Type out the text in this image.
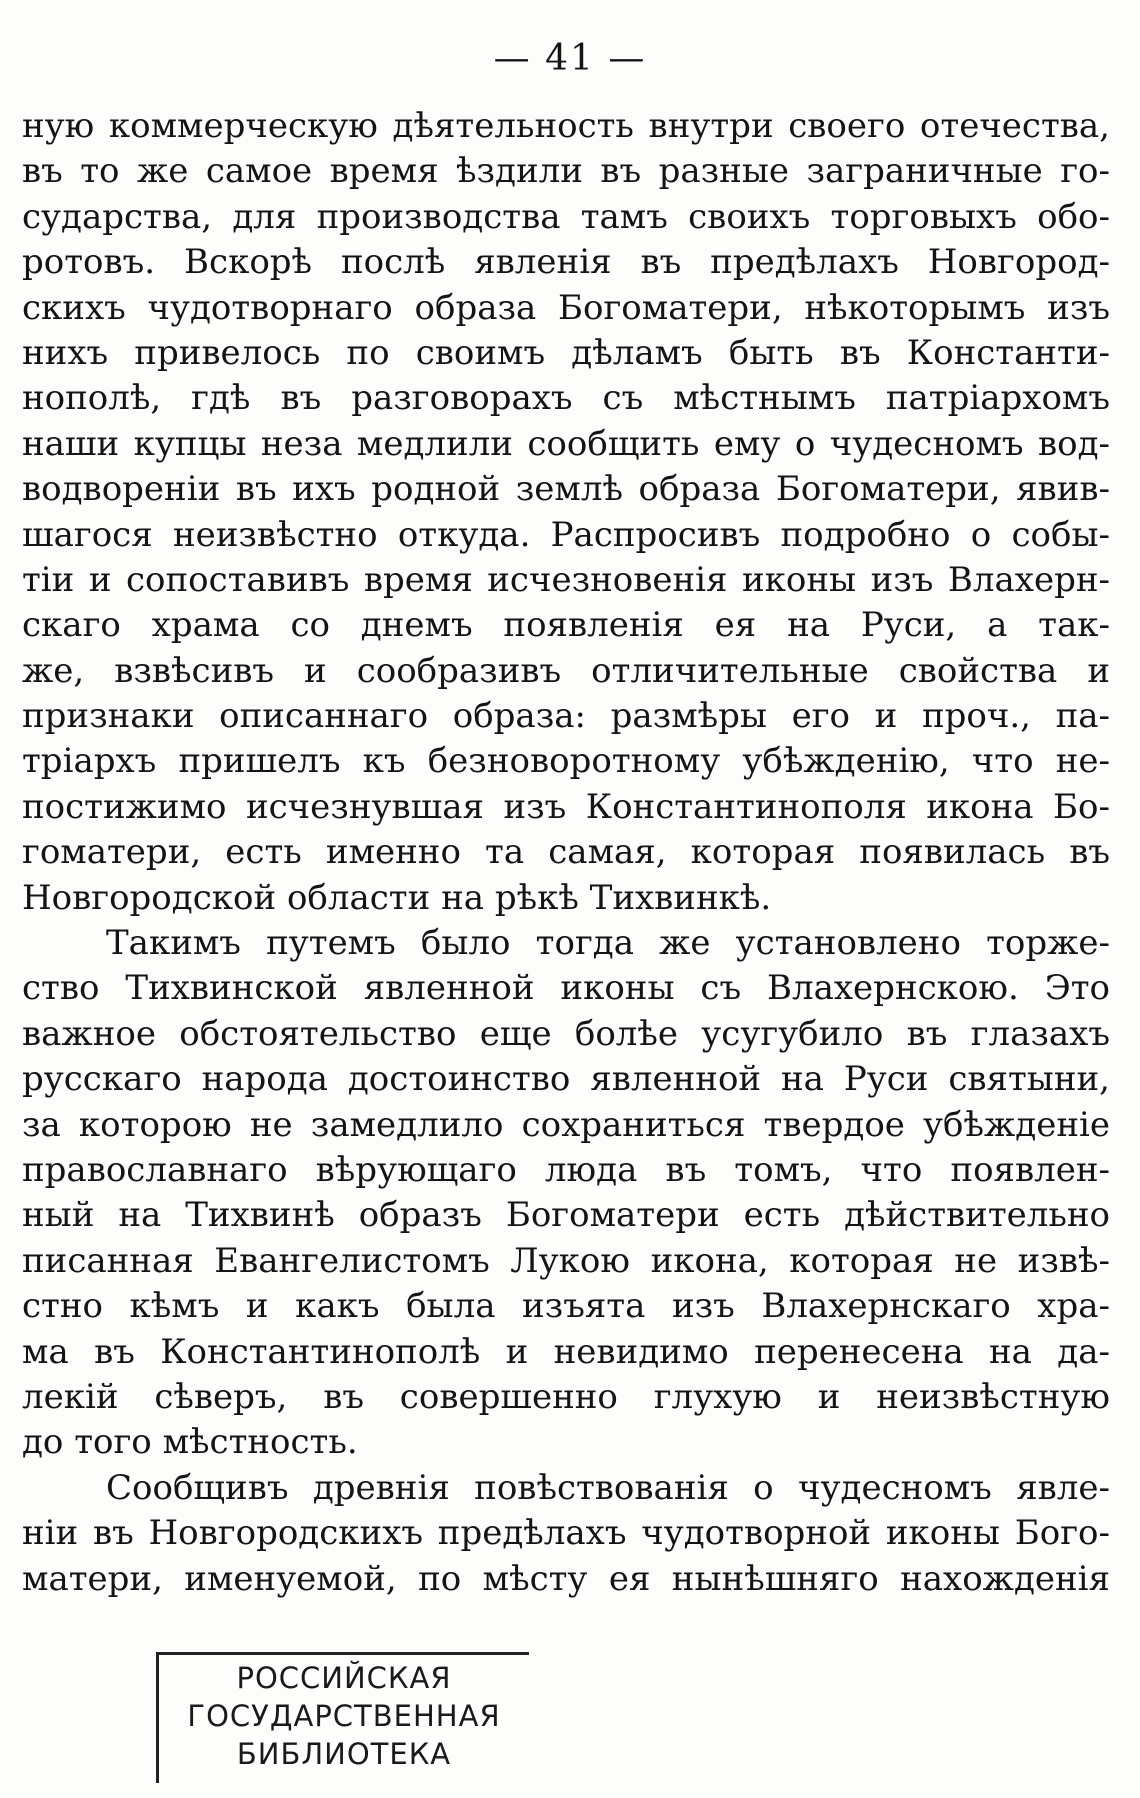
— 41 —
ную коммерческую дѣятельность внутри своего отечества,
въ то же самое время ѣздили въ разные заграничные го-
сударства, для производства тамъ своихъ торговыхъ обо-
ротовъ. Вскорѣ послѣ явленія въ предѣлахъ Новгород-
скихъ чудотворнаго образа Богоматери, нѣкоторымъ изъ
нихъ привелось по своимъ дѣламъ быть въ Константи-
нополѣ, гдѣ въ разговорахъ съ мѣстнымъ патріархомъ
наши купцы неза медлили сообщить ему о чудесномъ вод-
водвореніи въ ихъ родной землѣ образа Богоматери, явив-
шагося неизвѣстно откуда. Распросивъ подробно о собы-
тіи и сопоставивъ время исчезновенія иконы изъ Влахерн-
скаго храма со днемъ появленія ея на Руси, а так-
же, взвѣсивъ и сообразивъ отличительные свойства и
признаки описаннаго образа: размѣры его и проч., па-
тріархъ пришелъ къ безноворотному убѣжденію, что не-
постижимо исчезнувшая изъ Константинополя икона Бо-
гоматери, есть именно та самая, которая появилась въ
Новгородской области на рѣкѣ Тихвинкѣ.
Такимъ путемъ было тогда же установлено торже-
ство Тихвинской явленной иконы съ Влахернскою. Это
важное обстоятельство еще болѣе усугубило въ глазахъ
русскаго народа достоинство явленной на Руси святыни,
за которою не замедлило сохраниться твердое убѣжденіе
православнаго вѣрующаго люда въ томъ, что появлен-
ный на Тихвинѣ образъ Богоматери есть дѣйствительно
писанная Евангелистомъ Лукою икона, которая не извѣ-
стно кѣмъ и какъ была изъята изъ Влахернскаго хра-
ма въ Константинополѣ и невидимо перенесена на да-
лекій сѣверъ, въ совершенно глухую и неизвѣстную
до того мѣстность.
Сообщивъ древнія повѣствованія о чудесномъ явле-
ніи въ Новгородскихъ предѣлахъ чудотворной иконы Бого-
матери, именуемой, по мѣсту ея нынѣшняго нахожденія
РОССИЙСКАЯ
ГОСУДАРСТВЕННАЯ
БИБЛИОТЕКА
